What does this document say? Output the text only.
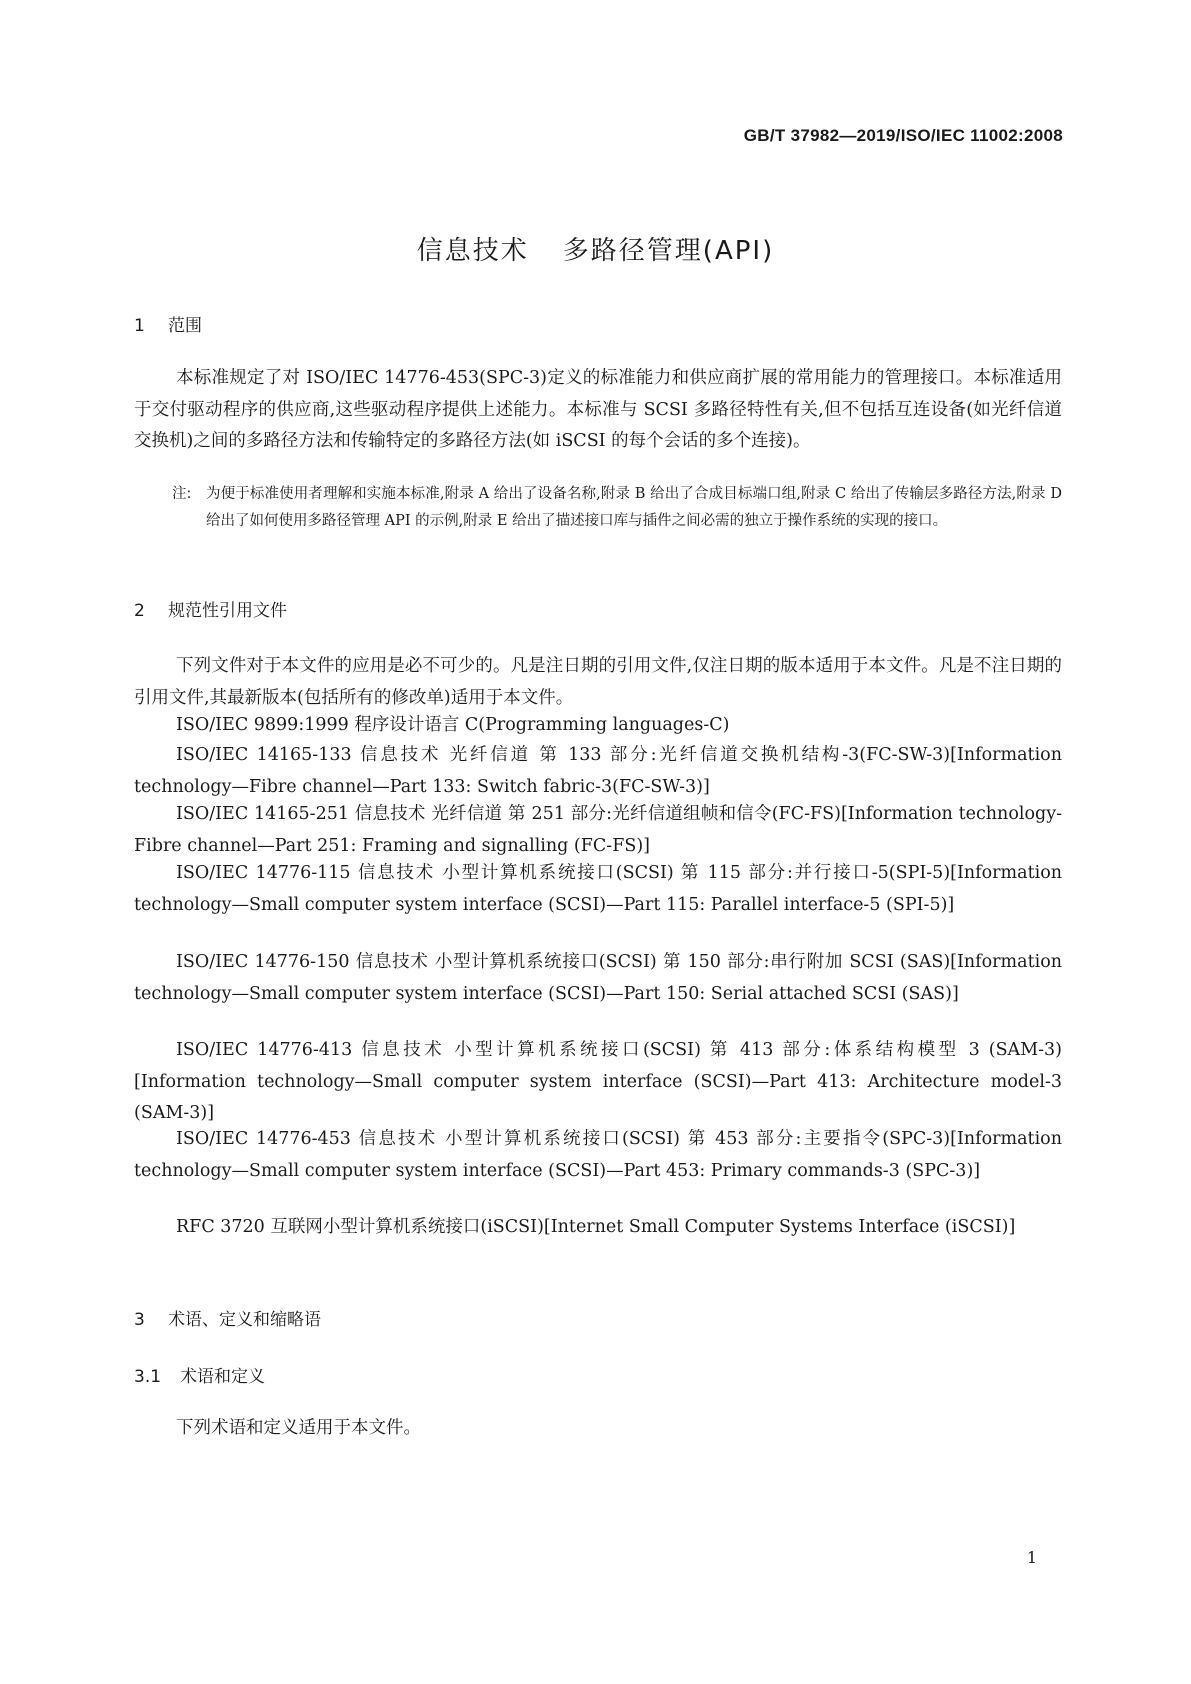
GB/T 37982—2019/ISO/IEC 11002:2008
信息技术 多路径管理(API)
1 范围
本标准规定了对 ISO/IEC 14776-453(SPC-3)定义的标准能力和供应商扩展的常用能力的管理接口。本标准适用于交付驱动程序的供应商,这些驱动程序提供上述能力。本标准与 SCSI 多路径特性有关,但不包括互连设备(如光纤信道交换机)之间的多路径方法和传输特定的多路径方法(如 iSCSI 的每个会话的多个连接)。
注:	为便于标准使用者理解和实施本标准,附录 A 给出了设备名称,附录 B 给出了合成目标端口组,附录 C 给出了传输层多路径方法,附录 D 给出了如何使用多路径管理 API 的示例,附录 E 给出了描述接口库与插件之间必需的独立于操作系统的实现的接口。
2 规范性引用文件
下列文件对于本文件的应用是必不可少的。凡是注日期的引用文件,仅注日期的版本适用于本文件。凡是不注日期的引用文件,其最新版本(包括所有的修改单)适用于本文件。
ISO/IEC 9899:1999 程序设计语言 C(Programming languages-C)
ISO/IEC 14165-133 信息技术 光纤信道 第 133 部分:光纤信道交换机结构-3(FC-SW-3)[Information technology—Fibre channel—Part 133: Switch fabric-3(FC-SW-3)]
ISO/IEC 14165-251 信息技术 光纤信道 第 251 部分:光纤信道组帧和信令(FC-FS)[Information technology-Fibre channel—Part 251: Framing and signalling (FC-FS)]
ISO/IEC 14776-115 信息技术 小型计算机系统接口(SCSI) 第 115 部分:并行接口-5(SPI-5)[Information technology—Small computer system interface (SCSI)—Part 115: Parallel interface-5 (SPI-5)]
ISO/IEC 14776-150 信息技术 小型计算机系统接口(SCSI) 第 150 部分:串行附加 SCSI (SAS)[Information technology—Small computer system interface (SCSI)—Part 150: Serial attached SCSI (SAS)]
ISO/IEC 14776-413 信息技术 小型计算机系统接口(SCSI) 第 413 部分:体系结构模型 3 (SAM-3)[Information technology—Small computer system interface (SCSI)—Part 413: Architecture model-3 (SAM-3)]
ISO/IEC 14776-453 信息技术 小型计算机系统接口(SCSI) 第 453 部分:主要指令(SPC-3)[Information technology—Small computer system interface (SCSI)—Part 453: Primary commands-3 (SPC-3)]
RFC 3720 互联网小型计算机系统接口(iSCSI)[Internet Small Computer Systems Interface (iSCSI)]
3 术语、定义和缩略语
3.1 术语和定义
下列术语和定义适用于本文件。
1
